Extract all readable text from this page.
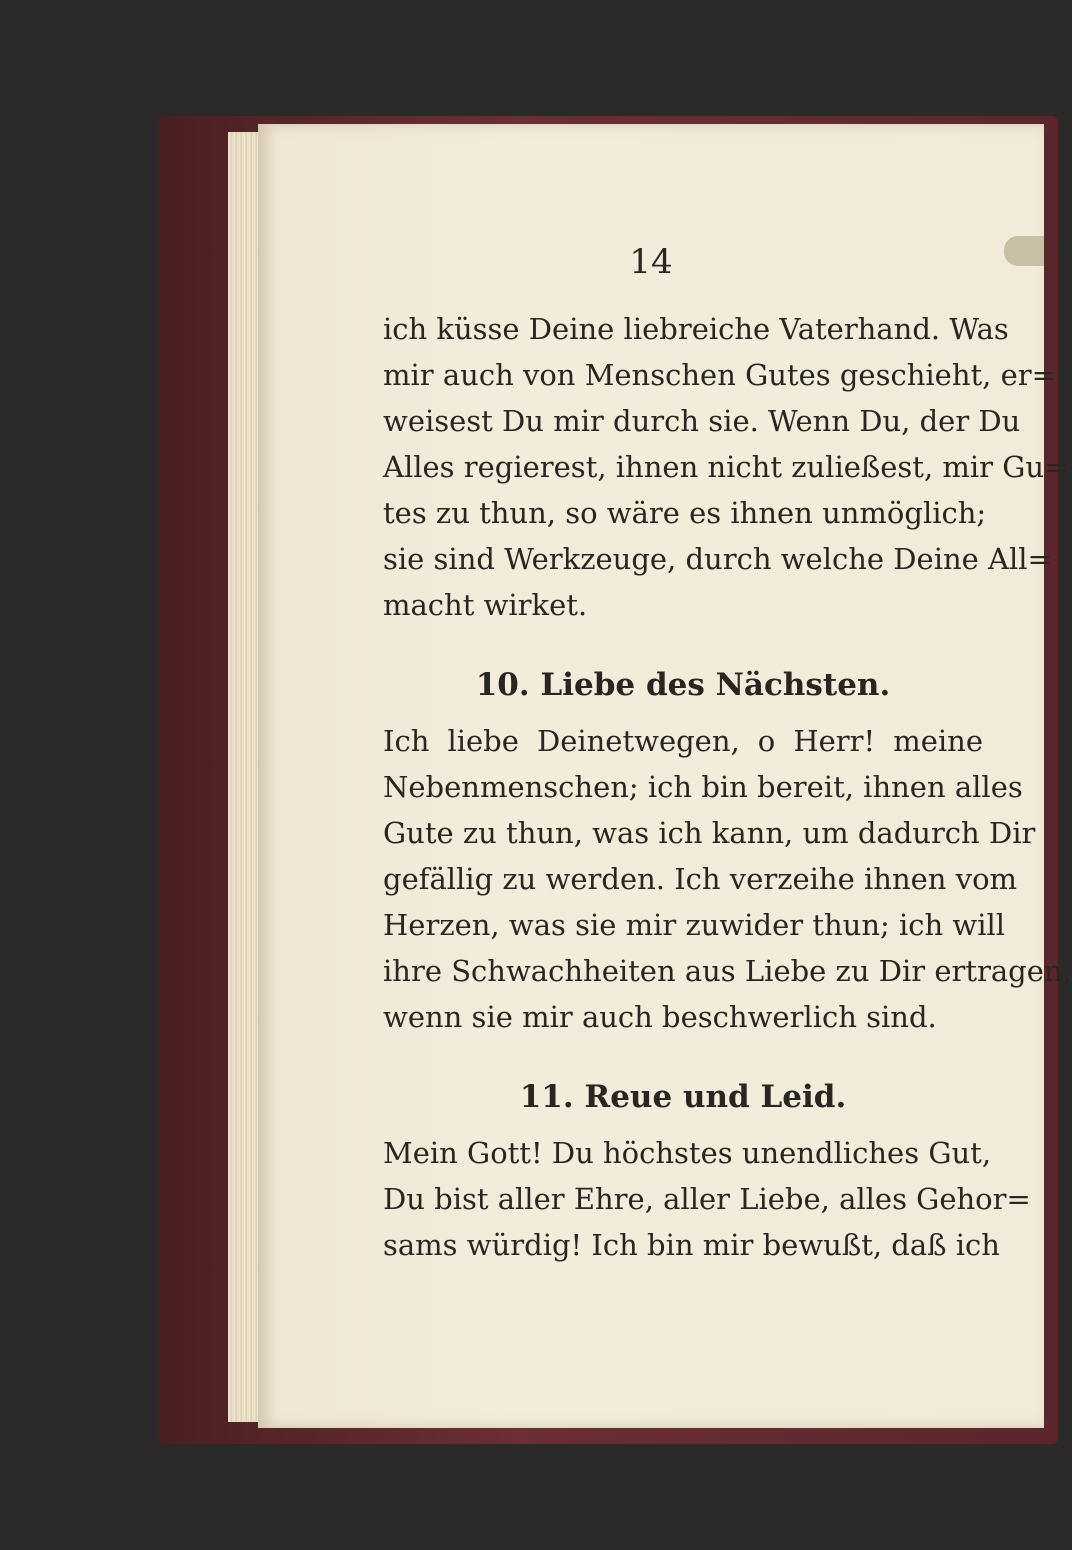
14
ich küsse Deine liebreiche Vaterhand. Was
mir auch von Menschen Gutes geschieht, er=
weisest Du mir durch sie. Wenn Du, der Du
Alles regierest, ihnen nicht zuließest, mir Gu=
tes zu thun, so wäre es ihnen unmöglich;
sie sind Werkzeuge, durch welche Deine All=
macht wirket.
10. Liebe des Nächsten.
Ich liebe Deinetwegen, o Herr! meine
Nebenmenschen; ich bin bereit, ihnen alles
Gute zu thun, was ich kann, um dadurch Dir
gefällig zu werden. Ich verzeihe ihnen vom
Herzen, was sie mir zuwider thun; ich will
ihre Schwachheiten aus Liebe zu Dir ertragen,
wenn sie mir auch beschwerlich sind.
11. Reue und Leid.
Mein Gott! Du höchstes unendliches Gut,
Du bist aller Ehre, aller Liebe, alles Gehor=
sams würdig! Ich bin mir bewußt, daß ich
